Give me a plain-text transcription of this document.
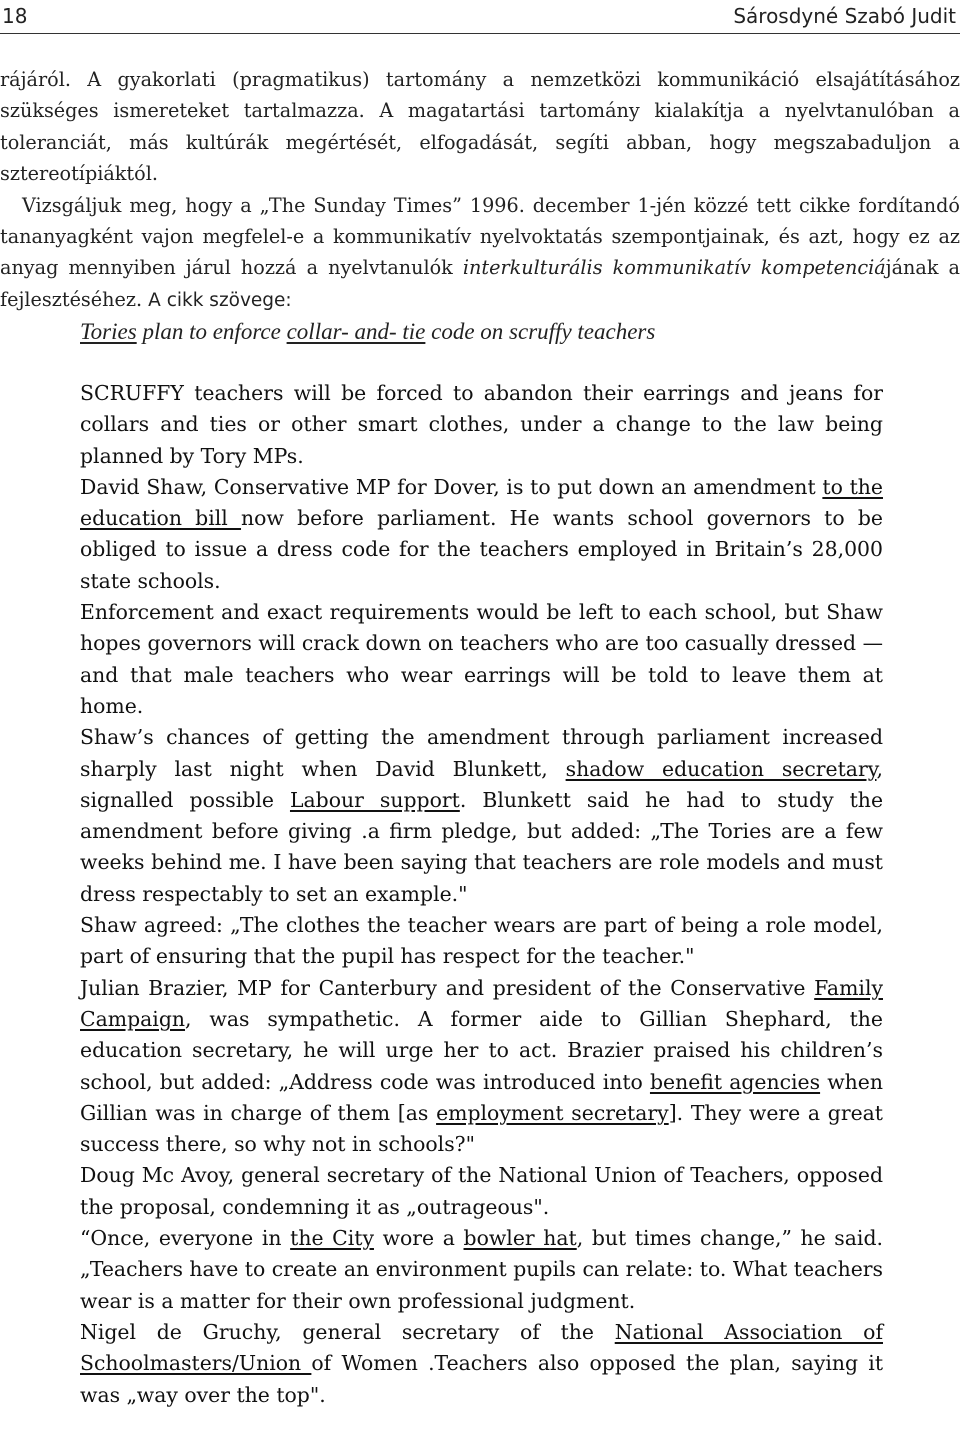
18	Sárosdyné Szabó Judit

rájáról. A gyakorlati (pragmatikus) tartomány a nemzetközi kommunikáció elsajátításához szükséges ismereteket tartalmazza. A magatartási tartomány kialakítja a nyelvtanulóban a toleranciát, más kultúrák megértését, elfogadását, segíti abban, hogy megszabaduljon a sztereotípiáktól.

Vizsgáljuk meg, hogy a „The Sunday Times” 1996. december 1-jén közzé tett cikke fordítandó tananyagként vajon megfelel-e a kommunikatív nyelvoktatás szempontjainak, és azt, hogy ez az anyag mennyiben járul hozzá a nyelvtanulók interkulturális kommunikatív kompetenciájának a fejlesztéséhez. A cikk szövege:

Tories plan to enforce collar- and- tie code on scruffy teachers

SCRUFFY teachers will be forced to abandon their earrings and jeans for collars and ties or other smart clothes, under a change to the law being planned by Tory MPs.

David Shaw, Conservative MP for Dover, is to put down an amendment to the education bill now before parliament. He wants school governors to be obliged to issue a dress code for the teachers employed in Britain’s 28,000 state schools.

Enforcement and exact requirements would be left to each school, but Shaw hopes governors will crack down on teachers who are too casually dressed — and that male teachers who wear earrings will be told to leave them at home.

Shaw’s chances of getting the amendment through parliament increased sharply last night when David Blunkett, shadow education secretary, signalled possible Labour support. Blunkett said he had to study the amendment before giving .a firm pledge, but added: „The Tories are a few weeks behind me. I have been saying that teachers are role models and must dress respectably to set an example."

Shaw agreed: „The clothes the teacher wears are part of being a role model, part of ensuring that the pupil has respect for the teacher."

Julian Brazier, MP for Canterbury and president of the Conservative Family Campaign, was sympathetic. A former aide to Gillian Shephard, the education secretary, he will urge her to act. Brazier praised his children’s school, but added: „Address code was introduced into benefit agencies when Gillian was in charge of them [as employment secretary]. They were a great success there, so why not in schools?"

Doug Mc Avoy, general secretary of the National Union of Teachers, opposed the proposal, condemning it as „outrageous".

“Once, everyone in the City wore a bowler hat, but times change,” he said. „Teachers have to create an environment pupils can relate: to. What teachers wear is a matter for their own professional judgment.

Nigel de Gruchy, general secretary of the National Association of Schoolmasters/Union of Women .Teachers also opposed the plan, saying it was „way over the top".
